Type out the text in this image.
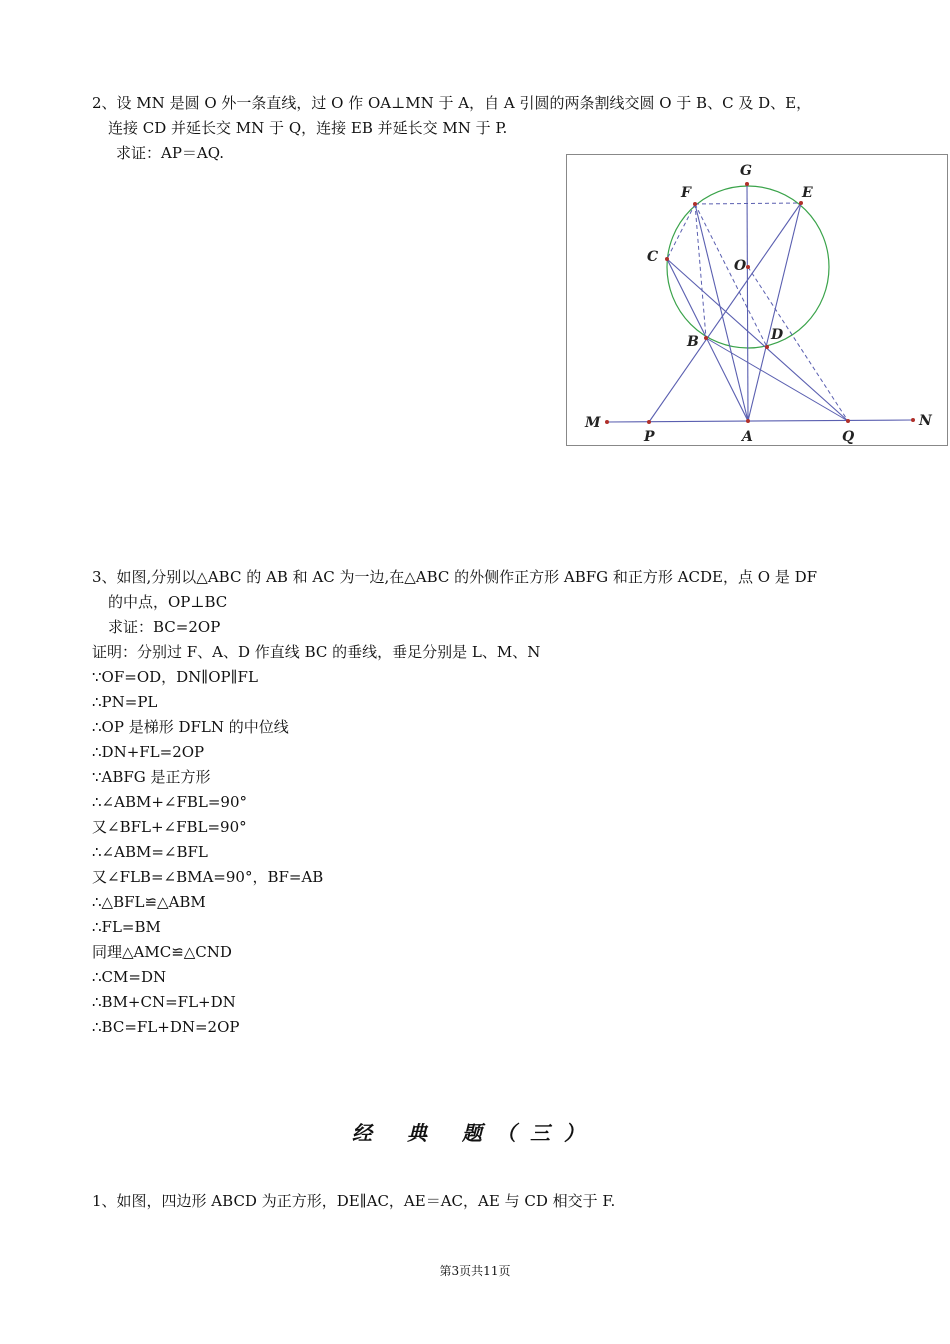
2、设 MN 是圆 O 外一条直线，过 O 作 OA⊥MN 于 A，自 A 引圆的两条割线交圆 O 于 B、C 及 D、E，
连接 CD 并延长交 MN 于 Q，连接 EB 并延长交 MN 于 P.
求证：AP＝AQ.
G
F	E
C
O
B	D
M	N
P	A	Q
3、如图,分别以△ABC 的 AB 和 AC 为一边,在△ABC 的外侧作正方形 ABFG 和正方形 ACDE，点 O 是 DF
的中点，OP⊥BC
求证：BC=2OP
证明：分别过 F、A、D 作直线 BC 的垂线，垂足分别是 L、M、N
∵OF=OD，DN∥OP∥FL
∴PN=PL
∴OP 是梯形 DFLN 的中位线
∴DN+FL=2OP
∵ABFG 是正方形
∴∠ABM+∠FBL=90°
又∠BFL+∠FBL=90°
∴∠ABM=∠BFL
又∠FLB=∠BMA=90°，BF=AB
∴△BFL≌△ABM
∴FL=BM
同理△AMC≌△CND
∴CM=DN
∴BM+CN=FL+DN
∴BC=FL+DN=2OP
经 典 题（三）
1、如图，四边形 ABCD 为正方形，DE∥AC，AE＝AC，AE 与 CD 相交于 F.
第3页共11页
